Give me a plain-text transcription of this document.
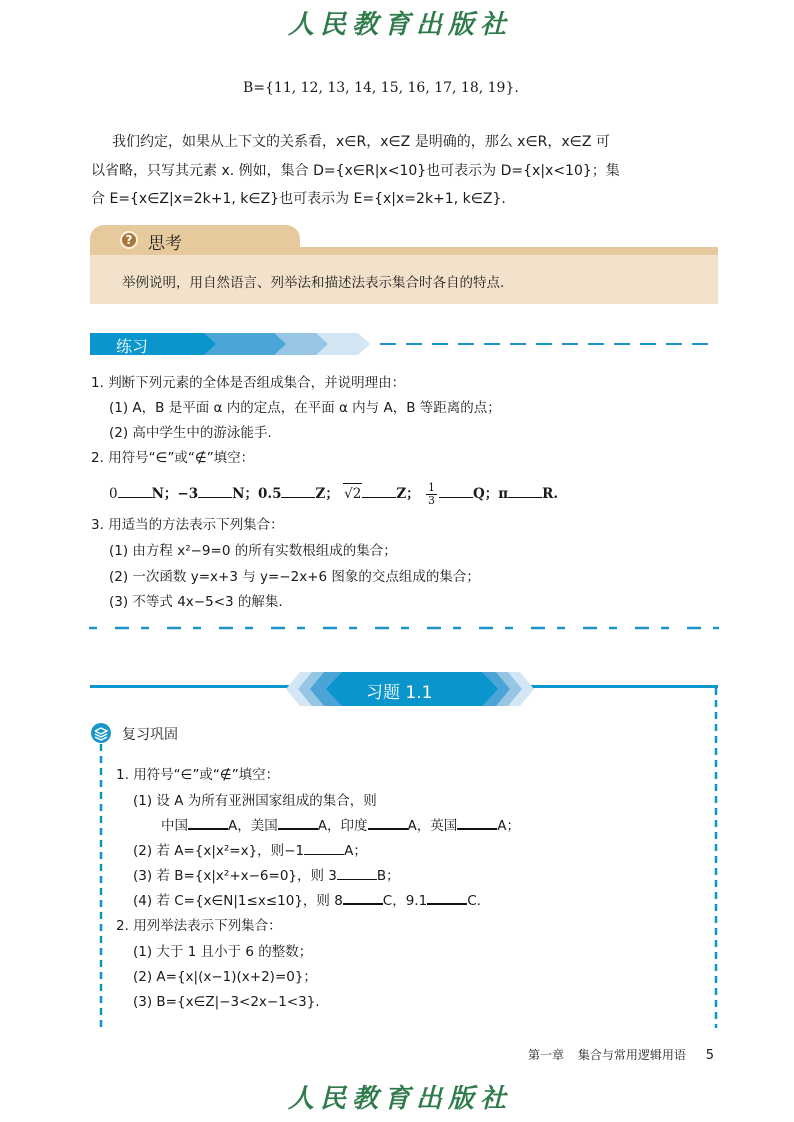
人民教育出版社
B={11, 12, 13, 14, 15, 16, 17, 18, 19}.
我们约定，如果从上下文的关系看，x∈R，x∈Z 是明确的，那么 x∈R，x∈Z 可
以省略，只写其元素 x. 例如，集合 D={x∈R|x<10}也可表示为 D={x|x<10}；集
合 E={x∈Z|x=2k+1, k∈Z}也可表示为 E={x|x=2k+1, k∈Z}.
? 思考
举例说明，用自然语言、列举法和描述法表示集合时各自的特点.
练习
1. 判断下列元素的全体是否组成集合，并说明理由：
(1) A，B 是平面 α 内的定点，在平面 α 内与 A，B 等距离的点；
(2) 高中学生中的游泳能手.
2. 用符号“∈”或“∉”填空：
0	N；−3	N；0.5	Z； √2	Z； $\frac{1}{3}$	Q；π	R.
3. 用适当的方法表示下列集合：
(1) 由方程 x²−9=0 的所有实数根组成的集合；
(2) 一次函数 y=x+3 与 y=−2x+6 图象的交点组成的集合；
(3) 不等式 4x−5<3 的解集.
习题 1.1
复习巩固
1. 用符号“∈”或“∉”填空：
(1) 设 A 为所有亚洲国家组成的集合，则
中国	A，美国	A，印度	A，英国	A；
(2) 若 A={x|x²=x}，则−1	A；
(3) 若 B={x|x²+x−6=0}，则 3	B；
(4) 若 C={x∈N|1≤x≤10}，则 8	C，9.1	C.
2. 用列举法表示下列集合：
(1) 大于 1 且小于 6 的整数；
(2) A={x|(x−1)(x+2)=0}；
(3) B={x∈Z|−3<2x−1<3}.
第一章 集合与常用逻辑用语 5
人民教育出版社
